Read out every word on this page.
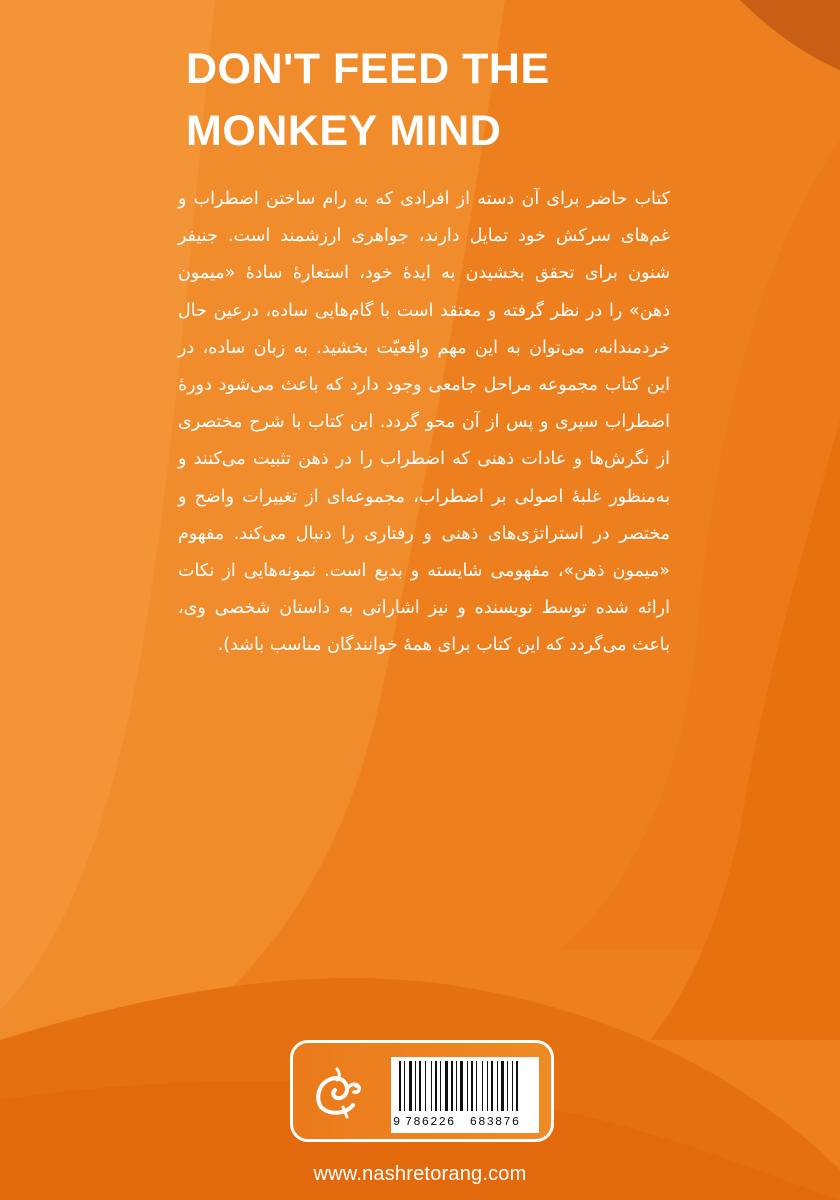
DON'T FEED THE
MONKEY MIND

کتاب حاضر برای آن دسته از افرادی که به رام ساختن اضطراب و غم‌های سرکش خود تمایل دارند، جواهری ارزشمند است. جنیفر شنون برای تحقق بخشیدن به ایدهٔ خود، استعارهٔ سادهٔ «میمون ذهن» را در نظر گرفته و معتقد است با گام‌هایی ساده، درعین حال خردمندانه، می‌توان به این مهم واقعیّت بخشید. به زبان ساده، در این کتاب مجموعه مراحل جامعی وجود دارد که باعث می‌شود دورهٔ اضطراب سپری و پس از آن محو گردد. این کتاب با شرح مختصری از نگرش‌ها و عادات ذهنی که اضطراب را در ذهن تثبیت می‌کنند و به‌منظور غلبهٔ اصولی بر اضطراب، مجموعه‌ای از تغییرات واضح و مختصر در استراتژی‌های ذهنی و رفتاری را دنبال می‌کند. مفهوم «میمون ذهن»، مفهومی شایسته و بدیع است. نمونه‌هایی از نکات ارائه شده توسط نویسنده و نیز اشاراتی به داستان شخصی وی، باعث می‌گردد که این کتاب برای همهٔ خوانندگان مناسب باشد).

9 786226 683876
www.nashretorang.com
